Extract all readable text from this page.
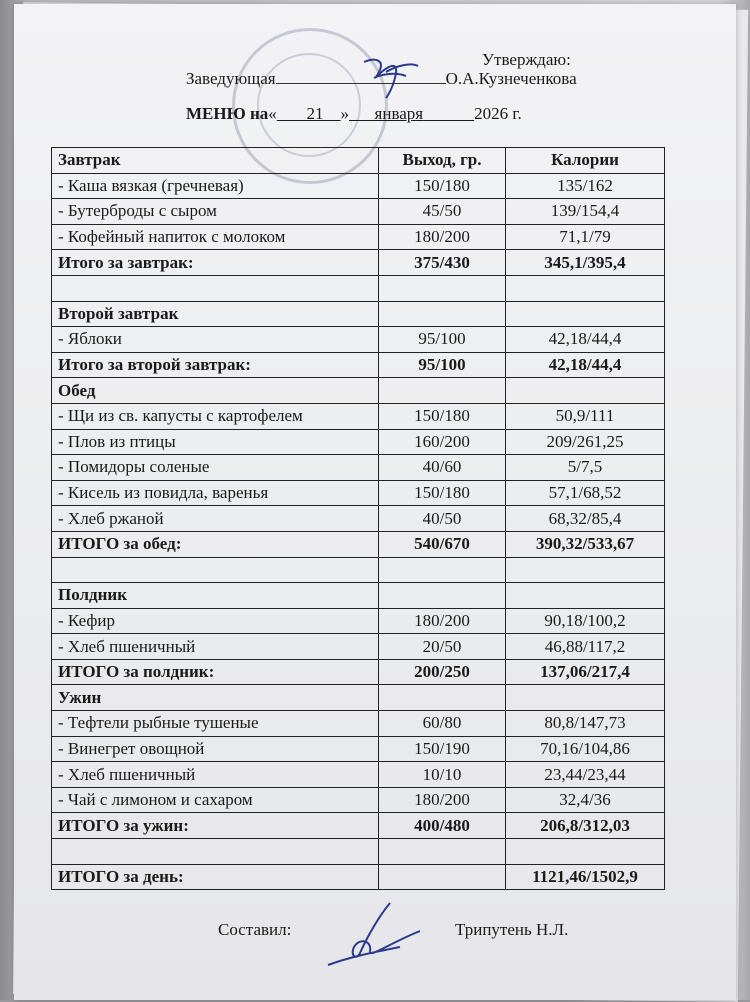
Утверждаю:
Заведующая	О.А.Кузнеченкова
МЕНЮ на« 21 » января	2026 г.
Завтрак	Выход, гр.	Калории
- Каша вязкая (гречневая)	150/180	135/162
- Бутерброды с сыром	45/50	139/154,4
- Кофейный напиток с молоком	180/200	71,1/79
Итого за завтрак:	375/430	345,1/395,4

Второй завтрак		
- Яблоки	95/100	42,18/44,4
Итого за второй завтрак:	95/100	42,18/44,4
Обед		
- Щи из св. капусты с картофелем	150/180	50,9/111
- Плов из птицы	160/200	209/261,25
- Помидоры соленые	40/60	5/7,5
- Кисель из повидла, варенья	150/180	57,1/68,52
- Хлеб ржаной	40/50	68,32/85,4
ИТОГО за обед:	540/670	390,32/533,67

Полдник		
- Кефир	180/200	90,18/100,2
- Хлеб пшеничный	20/50	46,88/117,2
ИТОГО за полдник:	200/250	137,06/217,4
Ужин		
- Тефтели рыбные тушеные	60/80	80,8/147,73
- Винегрет овощной	150/190	70,16/104,86
- Хлеб пшеничный	10/10	23,44/23,44
- Чай с лимоном и сахаром	180/200	32,4/36
ИТОГО за ужин:	400/480	206,8/312,03

ИТОГО за день:		1121,46/1502,9
Составил:	Трипутень Н.Л.
